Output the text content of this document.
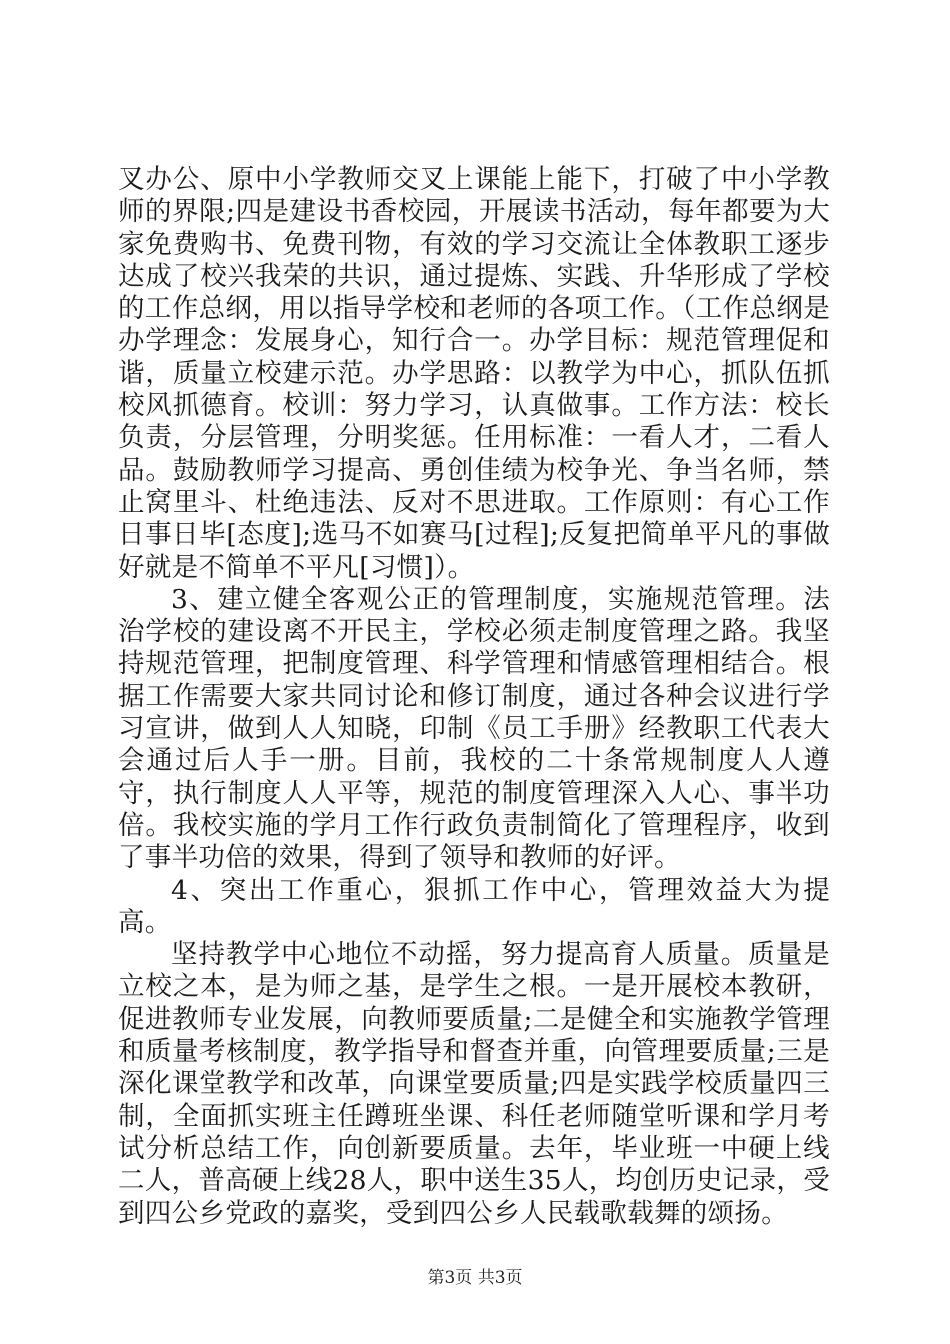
叉办公、原中小学教师交叉上课能上能下，打破了中小学教师的界限;四是建设书香校园，开展读书活动，每年都要为大家免费购书、免费刊物，有效的学习交流让全体教职工逐步达成了校兴我荣的共识，通过提炼、实践、升华形成了学校的工作总纲，用以指导学校和老师的各项工作。（工作总纲是办学理念：发展身心，知行合一。办学目标：规范管理促和谐，质量立校建示范。办学思路：以教学为中心，抓队伍抓校风抓德育。校训：努力学习，认真做事。工作方法：校长负责，分层管理，分明奖惩。任用标准：一看人才，二看人品。鼓励教师学习提高、勇创佳绩为校争光、争当名师，禁止窝里斗、杜绝违法、反对不思进取。工作原则：有心工作日事日毕[态度];选马不如赛马[过程];反复把简单平凡的事做好就是不简单不平凡[习惯]）。

3、建立健全客观公正的管理制度，实施规范管理。法治学校的建设离不开民主，学校必须走制度管理之路。我坚持规范管理，把制度管理、科学管理和情感管理相结合。根据工作需要大家共同讨论和修订制度，通过各种会议进行学习宣讲，做到人人知晓，印制《员工手册》经教职工代表大会通过后人手一册。目前，我校的二十条常规制度人人遵守，执行制度人人平等，规范的制度管理深入人心、事半功倍。我校实施的学月工作行政负责制简化了管理程序，收到了事半功倍的效果，得到了领导和教师的好评。

4、突出工作重心，狠抓工作中心，管理效益大为提高。

坚持教学中心地位不动摇，努力提高育人质量。质量是立校之本，是为师之基，是学生之根。一是开展校本教研，促进教师专业发展，向教师要质量;二是健全和实施教学管理和质量考核制度，教学指导和督查并重，向管理要质量;三是深化课堂教学和改革，向课堂要质量;四是实践学校质量四三制，全面抓实班主任蹲班坐课、科任老师随堂听课和学月考试分析总结工作，向创新要质量。去年，毕业班一中硬上线二人，普高硬上线28人，职中送生35人，均创历史记录，受到四公乡党政的嘉奖，受到四公乡人民载歌载舞的颂扬。

第3页 共3页
